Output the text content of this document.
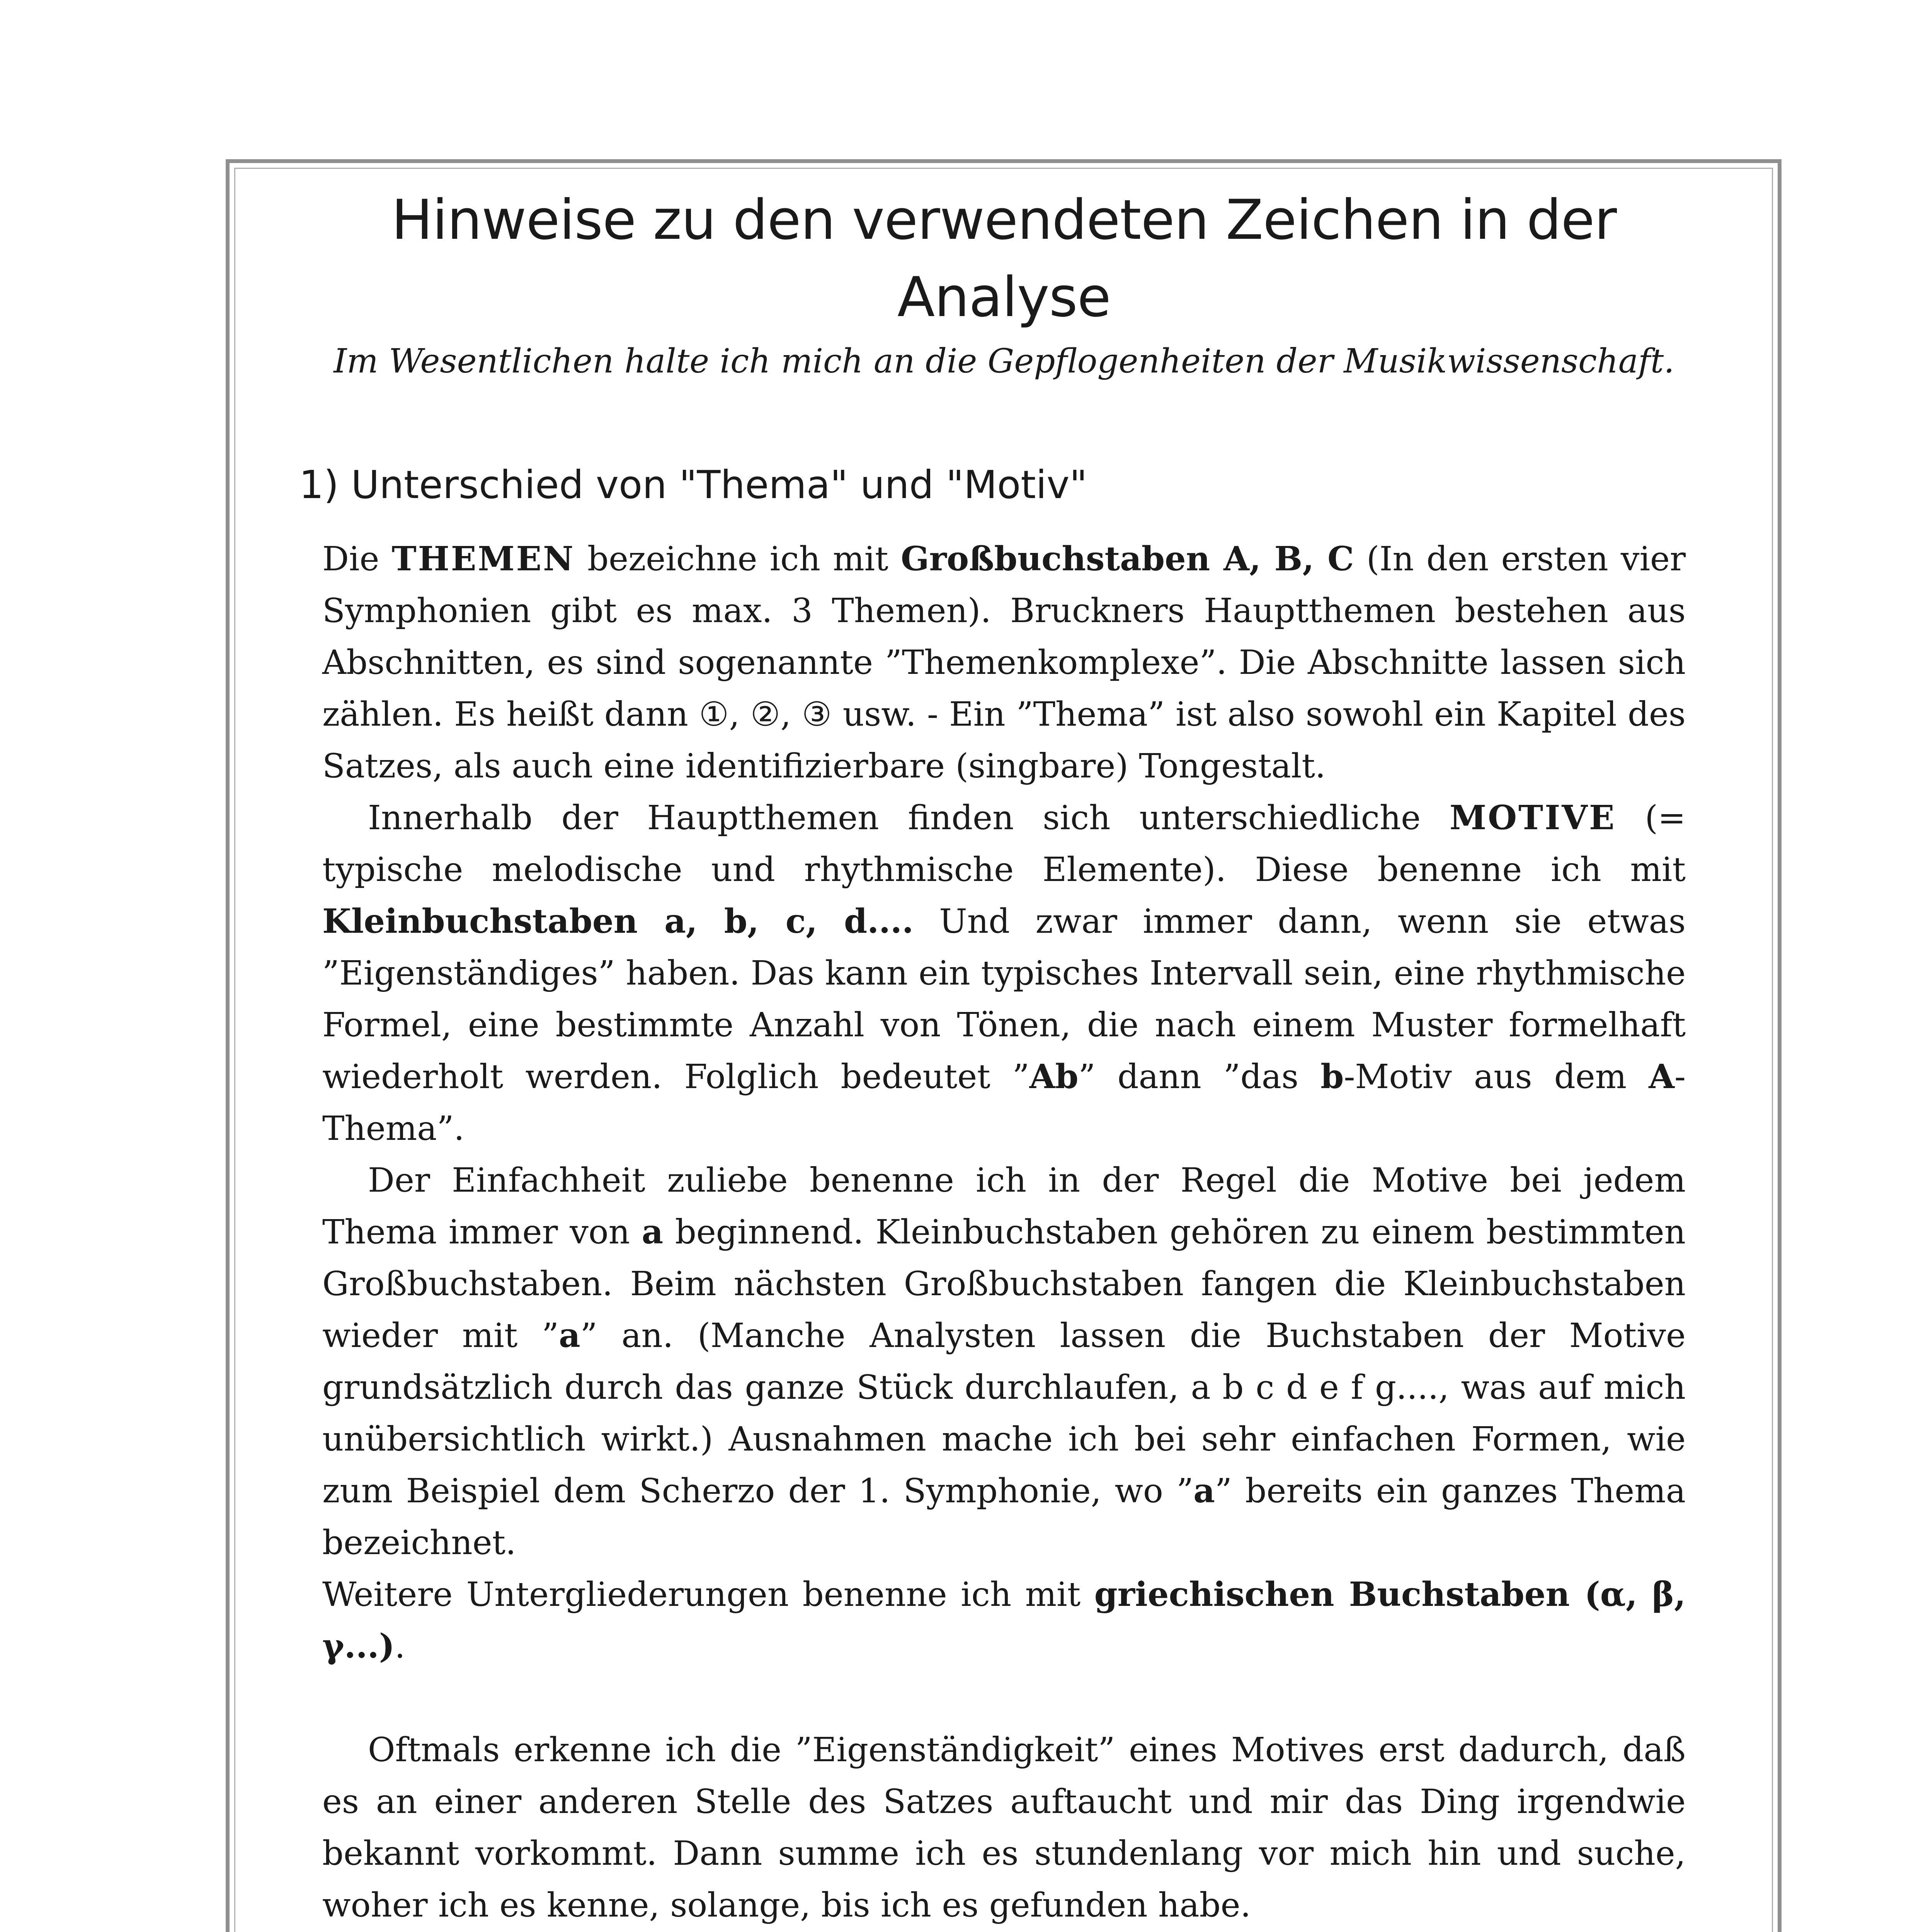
Hinweise zu den verwendeten Zeichen in der Analyse
Im Wesentlichen halte ich mich an die Gepflogenheiten der Musikwissenschaft.
1) Unterschied von "Thema" und "Motiv"

Die THEMEN bezeichne ich mit Großbuchstaben A, B, C (In den ersten vier Symphonien gibt es max. 3 Themen). Bruckners Hauptthemen bestehen aus Abschnitten, es sind sogenannte ”Themenkomplexe”. Die Abschnitte lassen sich zählen. Es heißt dann ①, ②, ③ usw. - Ein ”Thema” ist also sowohl ein Kapitel des Satzes, als auch eine identifizierbare (singbare) Tongestalt.

Innerhalb der Hauptthemen finden sich unterschiedliche MOTIVE (= typische melodische und rhythmische Elemente). Diese benenne ich mit Kleinbuchstaben a, b, c, d.... Und zwar immer dann, wenn sie etwas ”Eigenständiges” haben. Das kann ein typisches Intervall sein, eine rhythmische Formel, eine bestimmte Anzahl von Tönen, die nach einem Muster formelhaft wiederholt werden. Folglich bedeutet ”Ab” dann ”das b-Motiv aus dem A-Thema”.

Der Einfachheit zuliebe benenne ich in der Regel die Motive bei jedem Thema immer von a beginnend. Kleinbuchstaben gehören zu einem bestimmten Großbuchstaben. Beim nächsten Großbuchstaben fangen die Kleinbuchstaben wieder mit ”a” an. (Manche Analysten lassen die Buchstaben der Motive grundsätzlich durch das ganze Stück durchlaufen, a b c d e f g...., was auf mich unübersichtlich wirkt.) Ausnahmen mache ich bei sehr einfachen Formen, wie zum Beispiel dem Scherzo der 1. Symphonie, wo ”a” bereits ein ganzes Thema bezeichnet.

Weitere Untergliederungen benenne ich mit griechischen Buchstaben (α, β, γ...).

Oftmals erkenne ich die ”Eigenständigkeit” eines Motives erst dadurch, daß es an einer anderen Stelle des Satzes auftaucht und mir das Ding irgendwie bekannt vorkommt. Dann summe ich es stundenlang vor mich hin und suche, woher ich es kenne, solange, bis ich es gefunden habe.
